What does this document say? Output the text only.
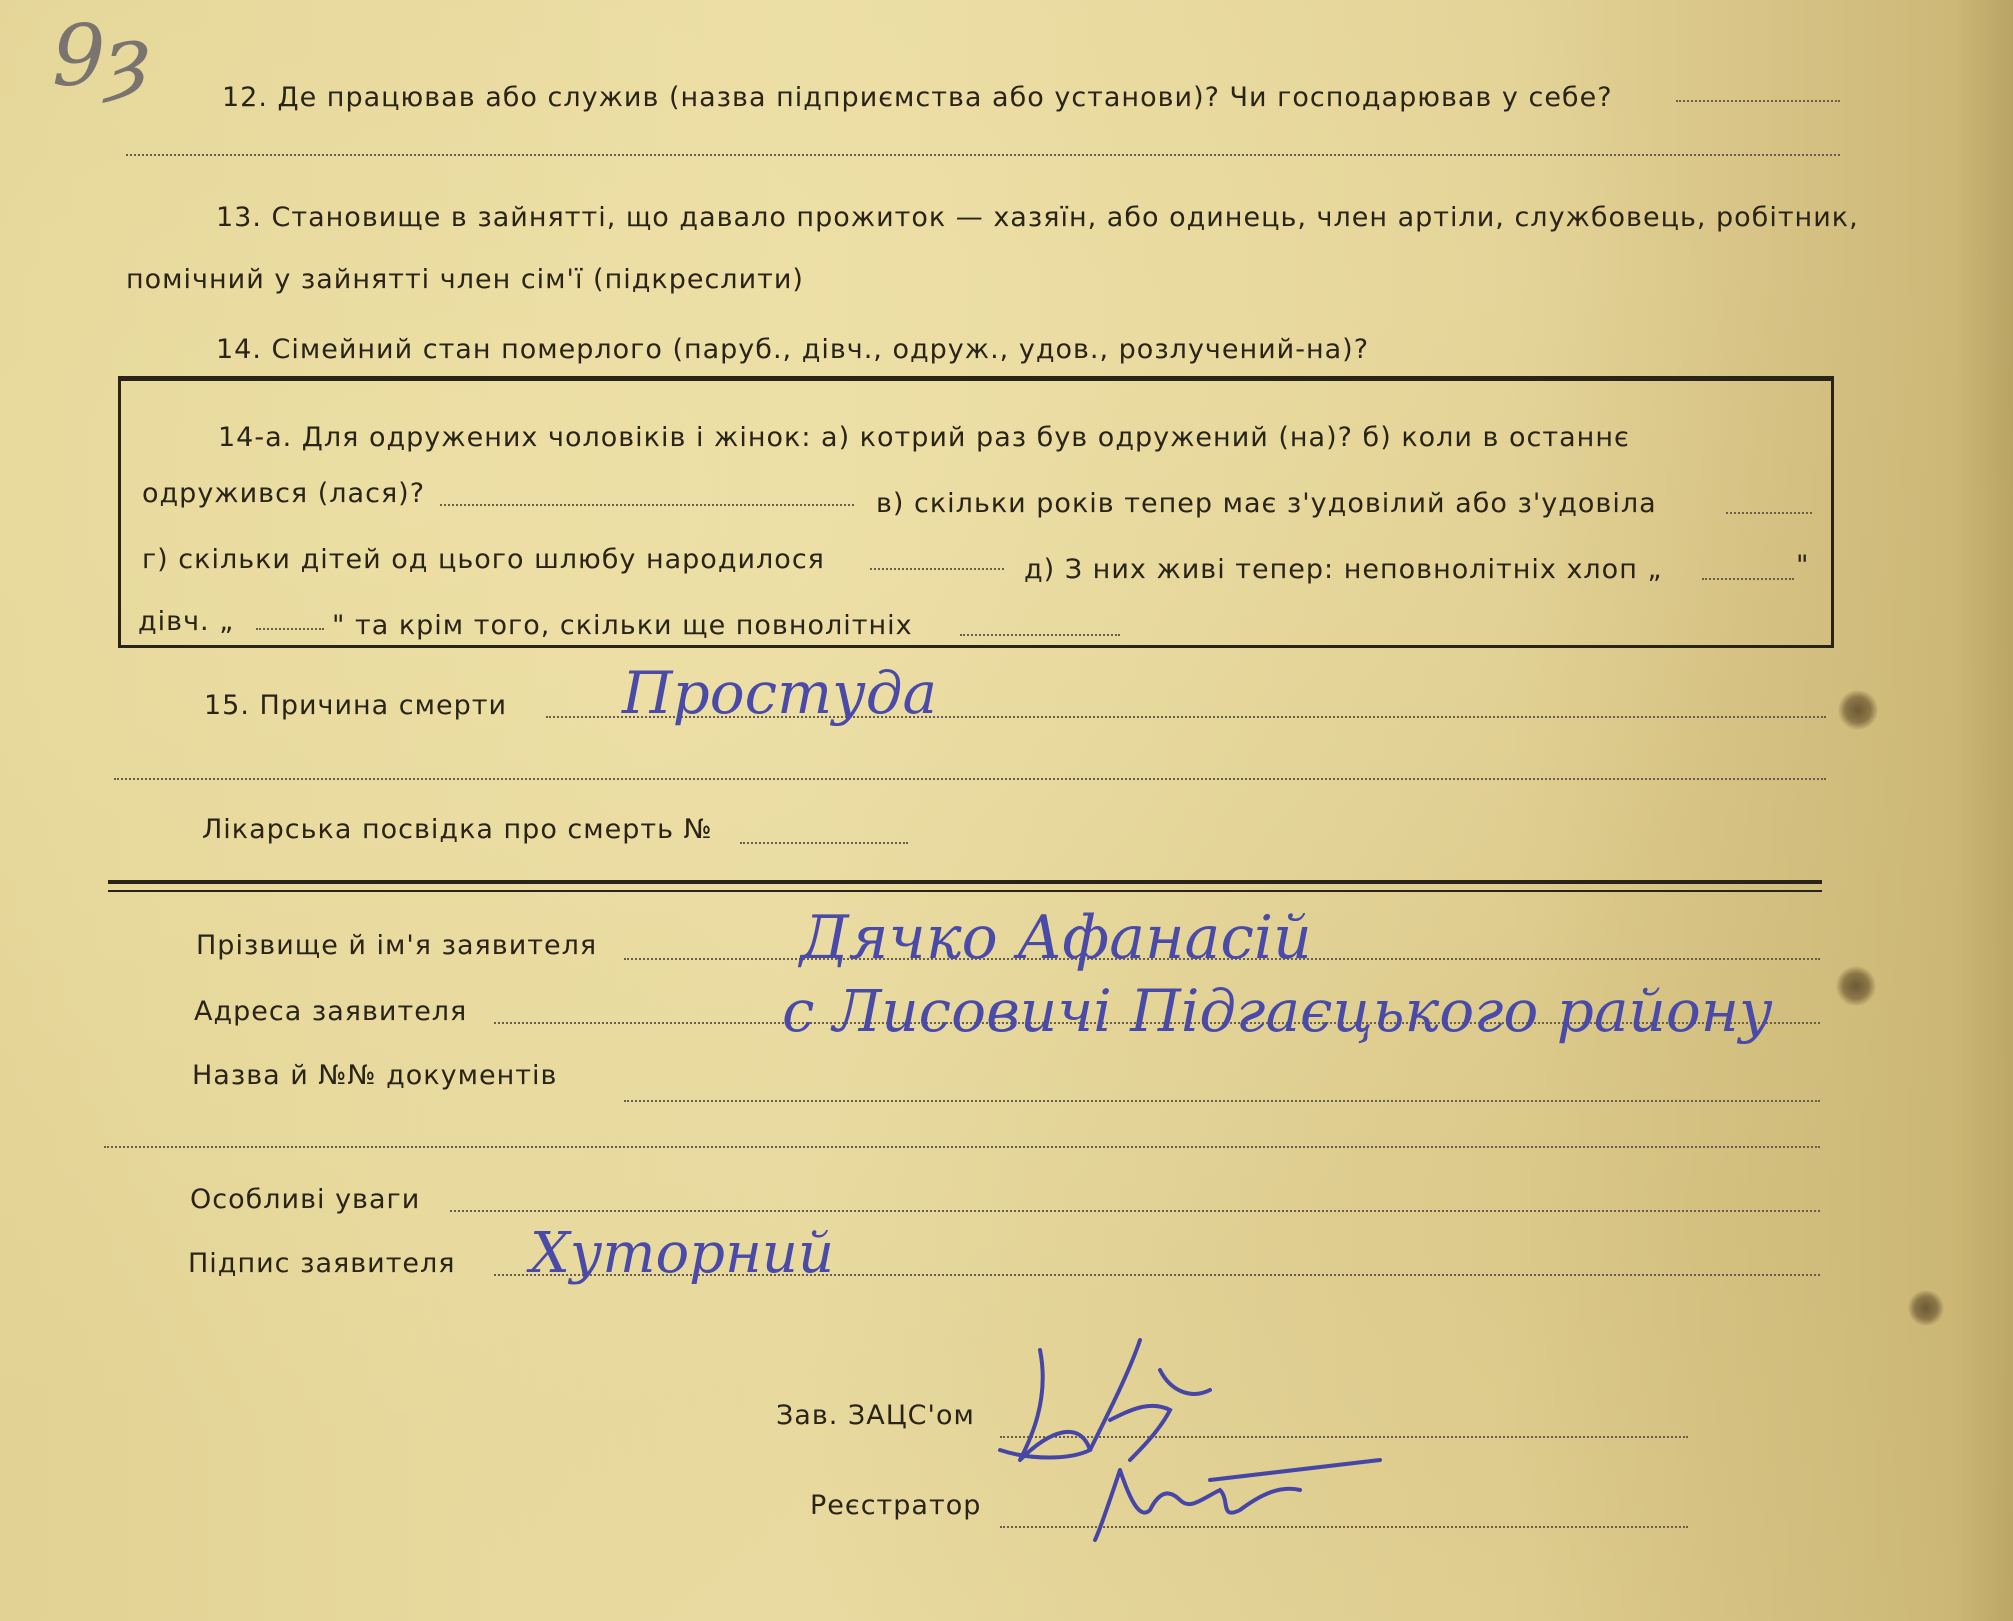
9ȝ	12. Де працював або служив (назва підприємства або установи)? Чи господарював у себе?
13. Становище в зайнятті, що давало прожиток — хазяїн, або одинець, член артіли, службовець, робітник,
помічний у зайнятті член сім'ї (підкреслити)
14. Сімейний стан померлого (паруб., дівч., одруж., удов., розлучений-на)?
14-а. Для одружених чоловіків і жінок: а) котрий раз був одружений (на)? б) коли в останнє
одружився (лася)?	в) скільки років тепер має з'удовілий або з'удовіла
г) скільки дітей од цього шлюбу народилося	д) З них живі тепер: неповнолітніх хлоп „	"
дівч. „	" та крім того, скільки ще повнолітніх
15. Причина смерти Простуда
Лікарська посвідка про смерть №
Прізвище й ім'я заявителя	Дячко Афанасій
Адреса заявителя	с Лисовичі Підгаєцького району
Назва й №№ документів
Особливі уваги
Підпис заявителя Хуторний
Зав. ЗАЦС'ом
Реєстратор
